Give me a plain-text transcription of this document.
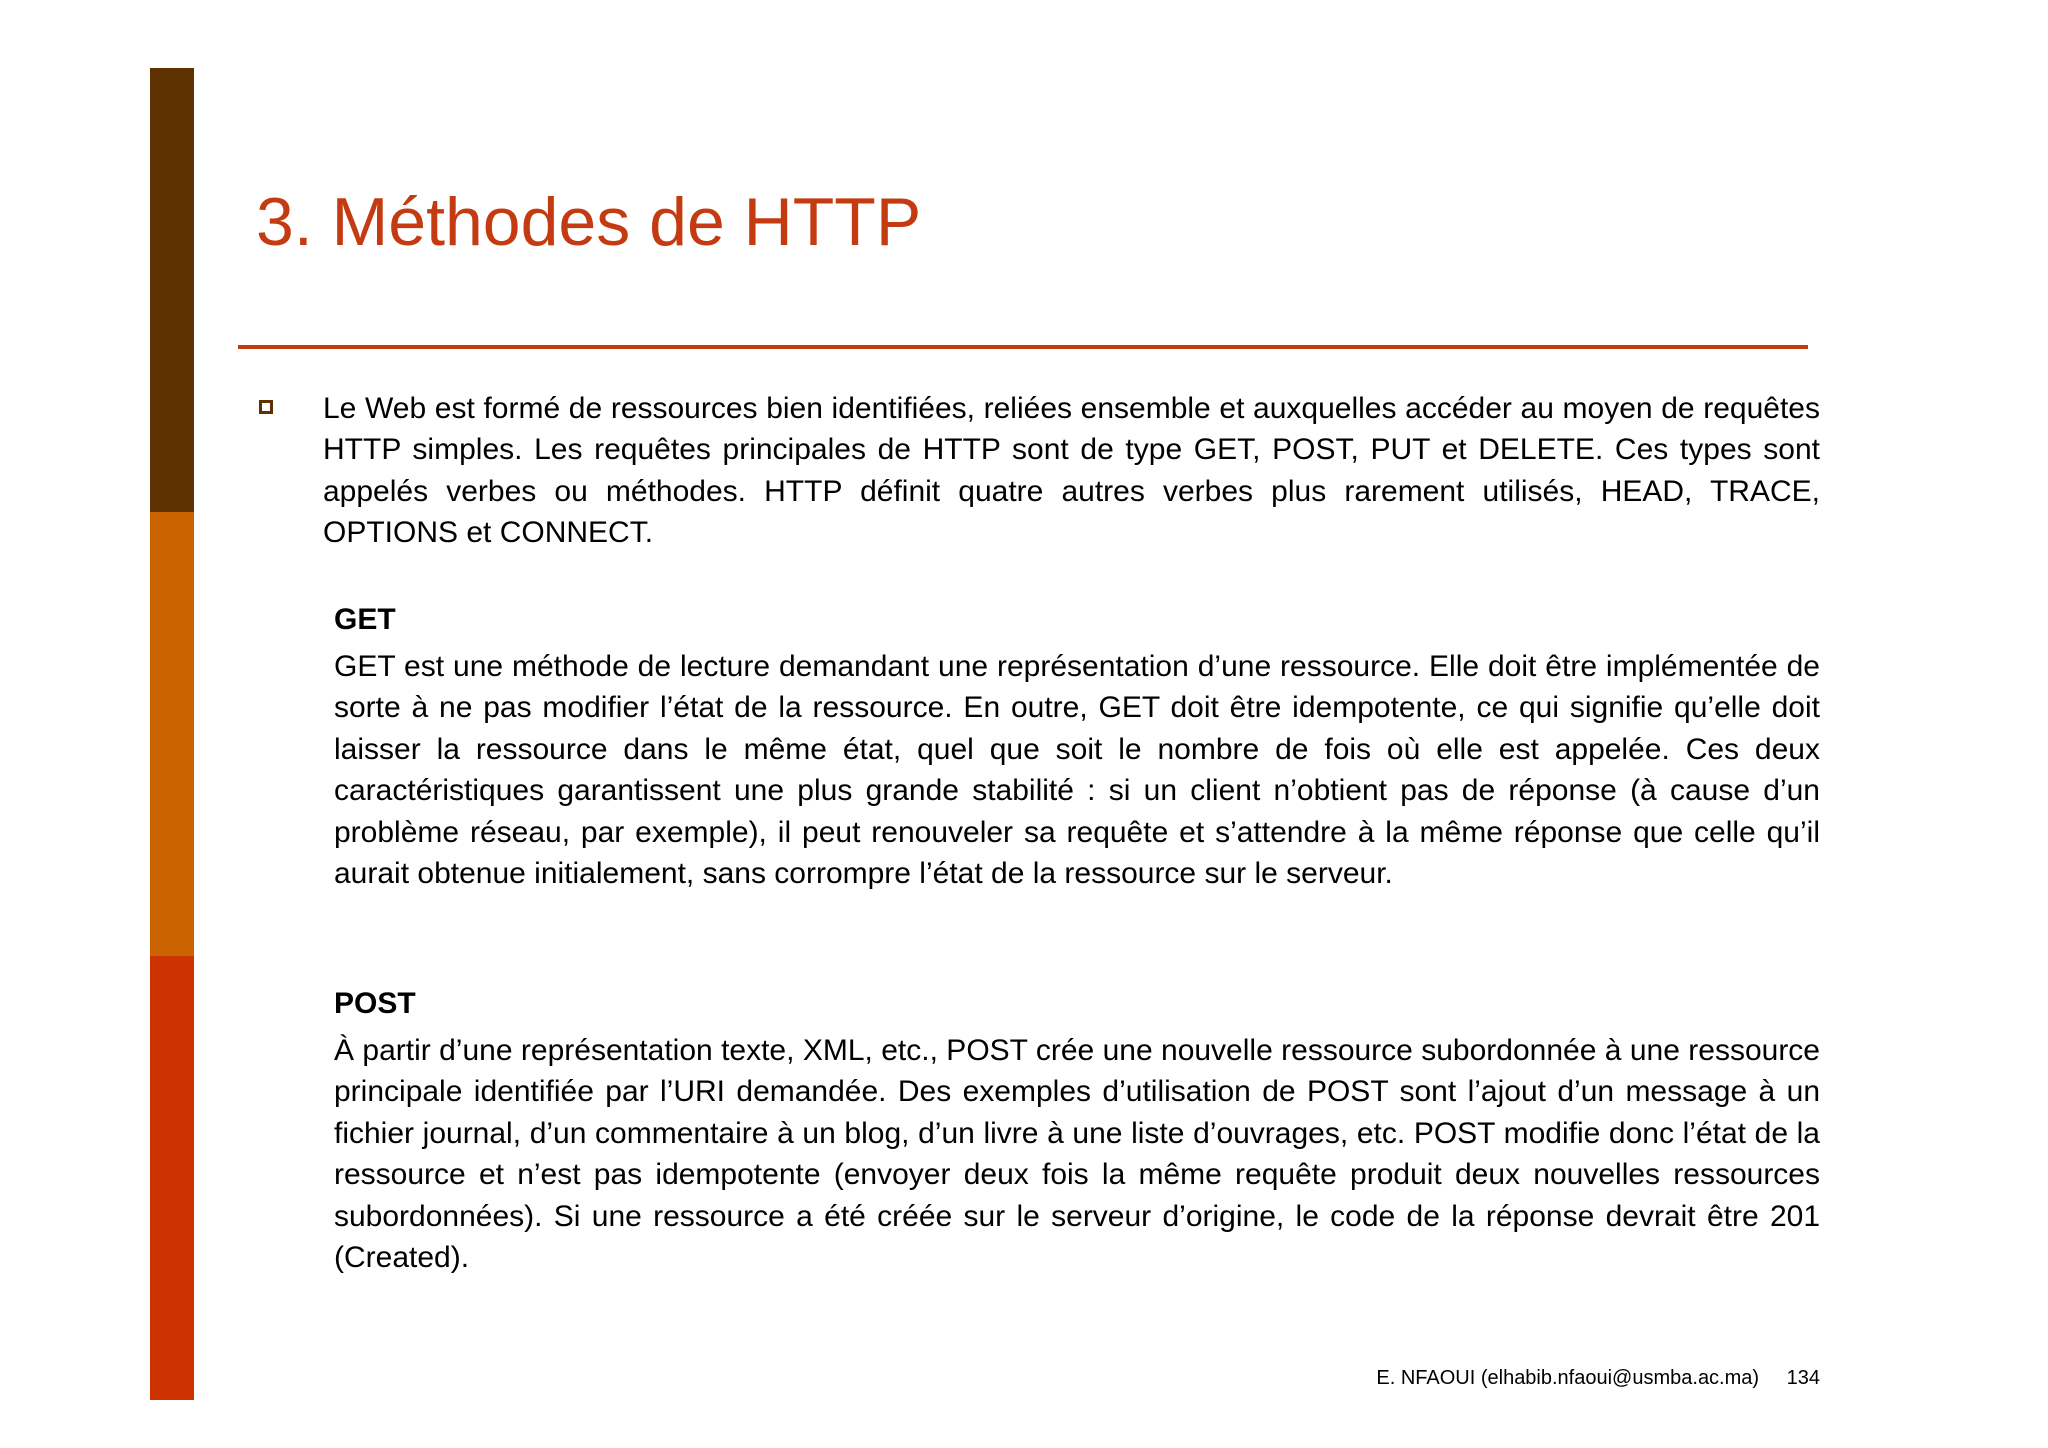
3. Méthodes de HTTP

Le Web est formé de ressources bien identifiées, reliées ensemble et auxquelles accéder au moyen de requêtes HTTP simples. Les requêtes principales de HTTP sont de type GET, POST, PUT et DELETE. Ces types sont appelés verbes ou méthodes. HTTP définit quatre autres verbes plus rarement utilisés, HEAD, TRACE, OPTIONS et CONNECT.

GET

GET est une méthode de lecture demandant une représentation d’une ressource. Elle doit être implémentée de sorte à ne pas modifier l’état de la ressource. En outre, GET doit être idempotente, ce qui signifie qu’elle doit laisser la ressource dans le même état, quel que soit le nombre de fois où elle est appelée. Ces deux caractéristiques garantissent une plus grande stabilité : si un client n’obtient pas de réponse (à cause d’un problème réseau, par exemple), il peut renouveler sa requête et s’attendre à la même réponse que celle qu’il aurait obtenue initialement, sans corrompre l’état de la ressource sur le serveur.

POST

À partir d’une représentation texte, XML, etc., POST crée une nouvelle ressource subordonnée à une ressource principale identifiée par l’URI demandée. Des exemples d’utilisation de POST sont l’ajout d’un message à un fichier journal, d’un commentaire à un blog, d’un livre à une liste d’ouvrages, etc. POST modifie donc l’état de la ressource et n’est pas idempotente (envoyer deux fois la même requête produit deux nouvelles ressources subordonnées). Si une ressource a été créée sur le serveur d’origine, le code de la réponse devrait être 201 (Created).

E. NFAOUI (elhabib.nfaoui@usmba.ac.ma) 134
